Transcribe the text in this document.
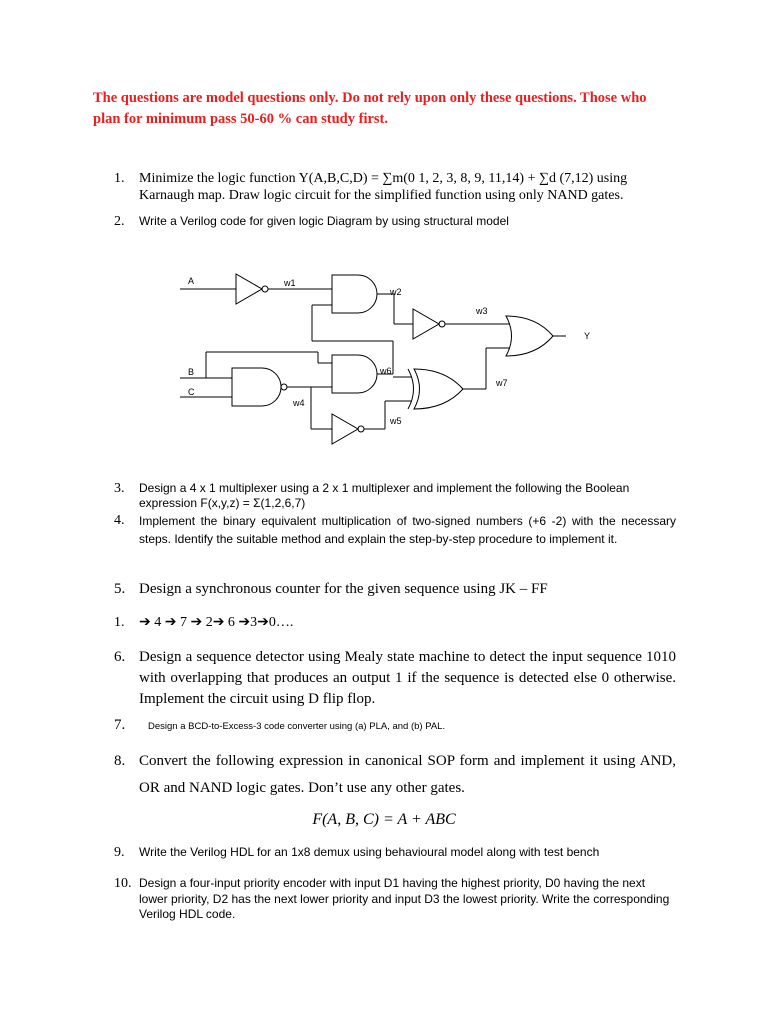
The questions are model questions only. Do not rely upon only these questions. Those who plan for minimum pass 50-60 % can study first.
1. Minimize the logic function Y(A,B,C,D) = ∑m(0 1, 2, 3, 8, 9, 11,14) + ∑d (7,12) using Karnaugh map. Draw logic circuit for the simplified function using only NAND gates.
2. Write a Verilog code for given logic Diagram by using structural model
A	w1
w2
w3
Y
B
C
w6
w7
w4
w5
3. Design a 4 x 1 multiplexer using a 2 x 1 multiplexer and implement the following the Boolean expression F(x,y,z) = Σ(1,2,6,7)
4. Implement the binary equivalent multiplication of two-signed numbers (+6 -2) with the necessary steps. Identify the suitable method and explain the step-by-step procedure to implement it.
5. Design a synchronous counter for the given sequence using JK – FF
1. ➔ 4 ➔ 7 ➔ 2➔ 6 ➔3➔0….
6. Design a sequence detector using Mealy state machine to detect the input sequence 1010 with overlapping that produces an output 1 if the sequence is detected else 0 otherwise. Implement the circuit using D flip flop.
7. Design a BCD-to-Excess-3 code converter using (a) PLA, and (b) PAL.
8. Convert the following expression in canonical SOP form and implement it using AND, OR and NAND logic gates. Don’t use any other gates.
F(A, B, C) = A + ABC
9. Write the Verilog HDL for an 1x8 demux using behavioural model along with test bench
10. Design a four-input priority encoder with input D1 having the highest priority, D0 having the next lower priority, D2 has the next lower priority and input D3 the lowest priority. Write the corresponding Verilog HDL code.
